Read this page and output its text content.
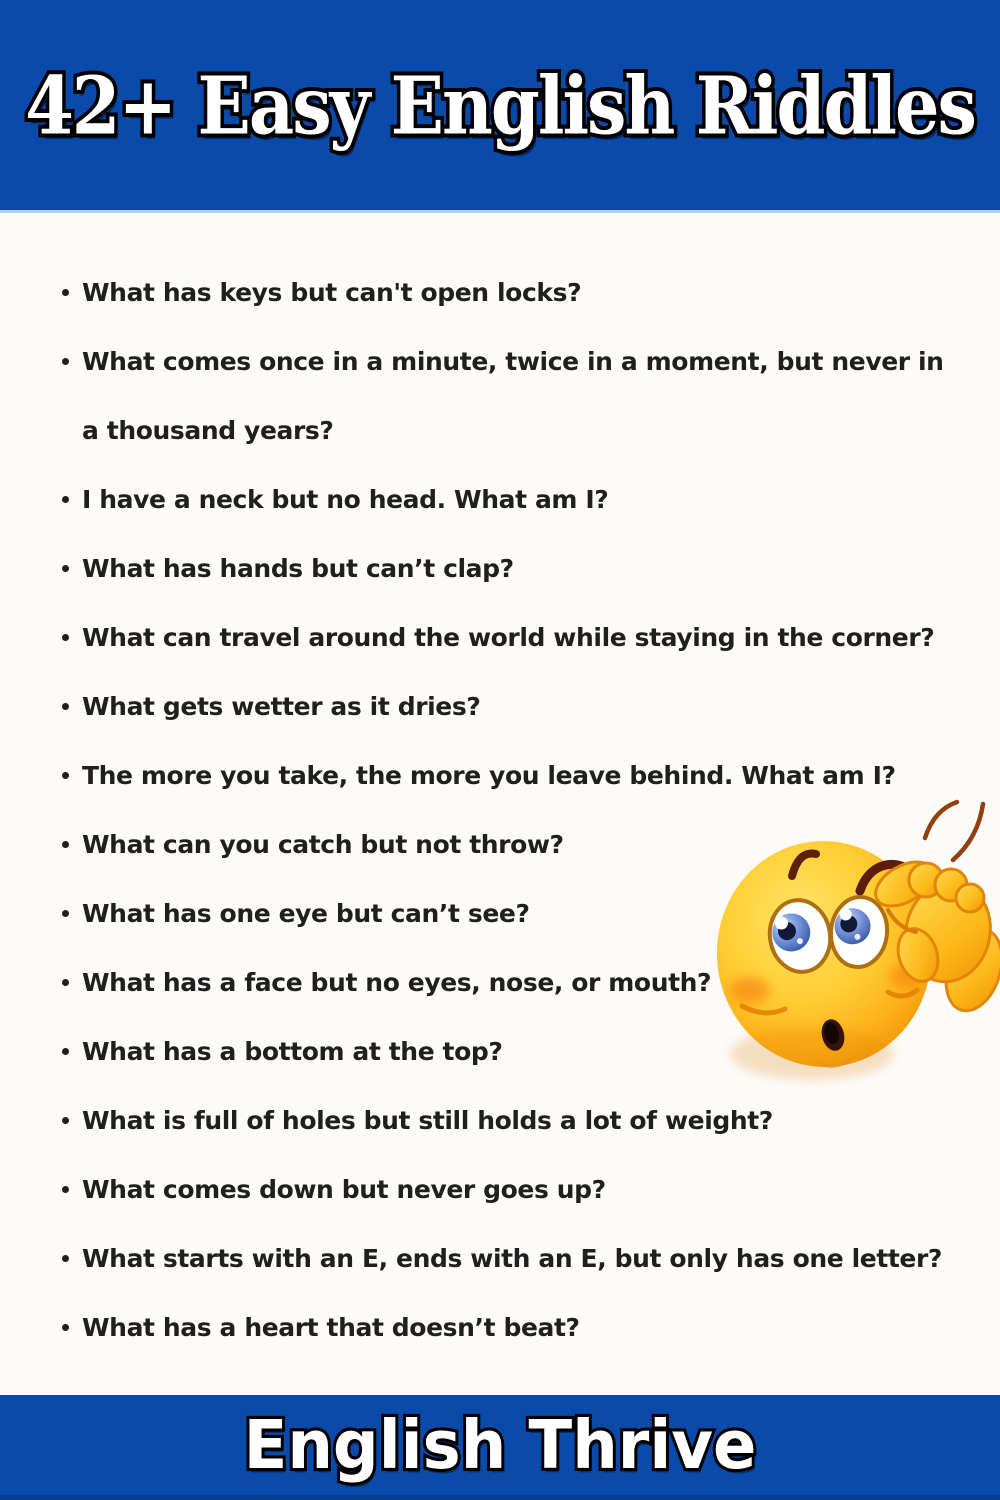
42+ Easy English Riddles
What has keys but can't open locks?
What comes once in a minute, twice in a moment, but never in a thousand years?
I have a neck but no head. What am I?
What has hands but can’t clap?
What can travel around the world while staying in the corner?
What gets wetter as it dries?
The more you take, the more you leave behind. What am I?
What can you catch but not throw?
What has one eye but can’t see?
What has a face but no eyes, nose, or mouth?
What has a bottom at the top?
What is full of holes but still holds a lot of weight?
What comes down but never goes up?
What starts with an E, ends with an E, but only has one letter?
What has a heart that doesn’t beat?
English Thrive
